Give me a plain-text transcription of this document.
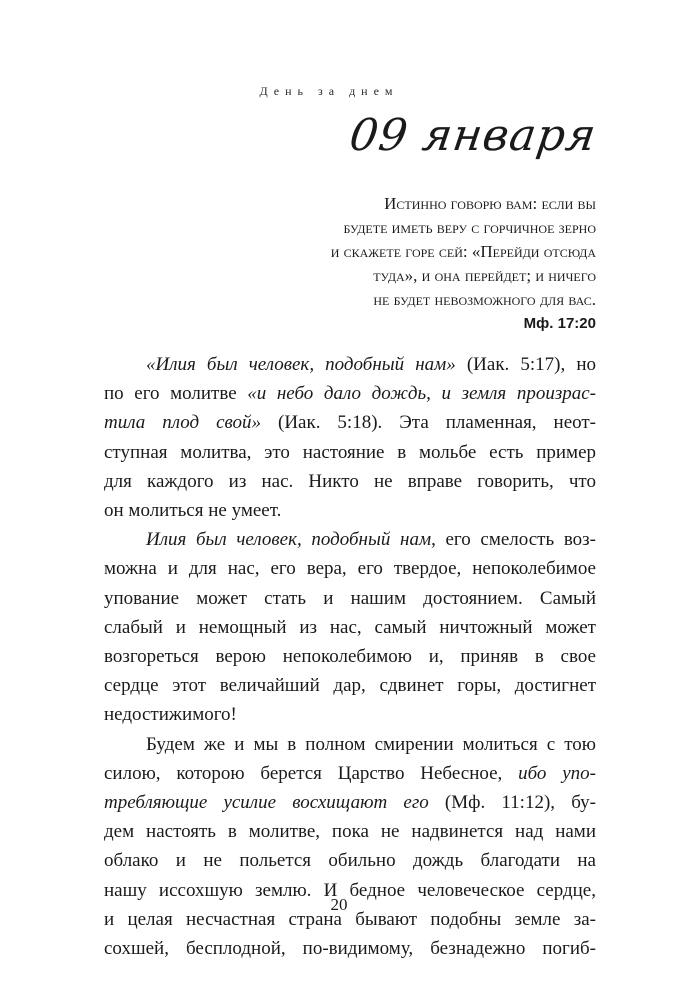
День за днем
09 января
Истинно говорю вам: если вы
будете иметь веру с горчичное зерно
и скажете горе сей: «Перейди отсюда
туда», и она перейдет; и ничего
не будет невозможного для вас.
Мф. 17:20
«Илия был человек, подобный нам» (Иак. 5:17), но
по его молитве «и небо дало дождь, и земля произрас-
тила плод свой» (Иак. 5:18). Эта пламенная, неот-
ступная молитва, это настояние в мольбе есть пример
для каждого из нас. Никто не вправе говорить, что
он молиться не умеет.
Илия был человек, подобный нам, его смелость воз-
можна и для нас, его вера, его твердое, непоколебимое
упование может стать и нашим достоянием. Самый
слабый и немощный из нас, самый ничтожный может
возгореться верою непоколебимою и, приняв в свое
сердце этот величайший дар, сдвинет горы, достигнет
недостижимого!
Будем же и мы в полном смирении молиться с тою
силою, которою берется Царство Небесное, ибо упо-
требляющие усилие восхищают его (Мф. 11:12), бу-
дем настоять в молитве, пока не надвинется над нами
облако и не польется обильно дождь благодати на
нашу иссохшую землю. И бедное человеческое сердце,
и целая несчастная страна бывают подобны земле за-
сохшей, бесплодной, по-видимому, безнадежно погиб-
20
